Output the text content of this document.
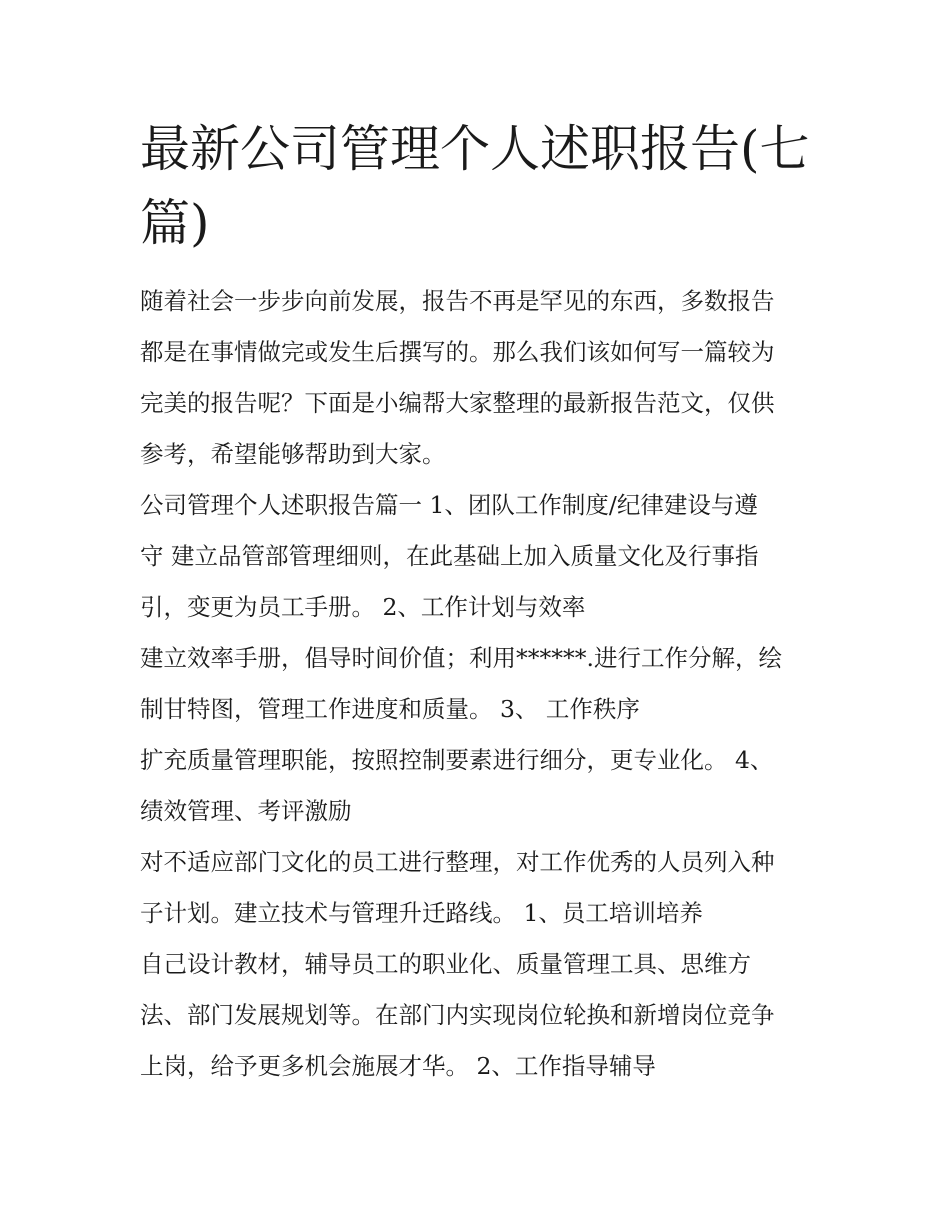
最新公司管理个人述职报告(七
篇)
随着社会一步步向前发展，报告不再是罕见的东西，多数报告
都是在事情做完或发生后撰写的。那么我们该如何写一篇较为
完美的报告呢？下面是小编帮大家整理的最新报告范文，仅供
参考，希望能够帮助到大家。
公司管理个人述职报告篇一 1、团队工作制度/纪律建设与遵
守 建立品管部管理细则，在此基础上加入质量文化及行事指
引，变更为员工手册。 2、工作计划与效率
建立效率手册，倡导时间价值；利用******.进行工作分解，绘
制甘特图，管理工作进度和质量。 3、 工作秩序
扩充质量管理职能，按照控制要素进行细分，更专业化。 4、
绩效管理、考评激励
对不适应部门文化的员工进行整理，对工作优秀的人员列入种
子计划。建立技术与管理升迁路线。 1、员工培训培养
自己设计教材，辅导员工的职业化、质量管理工具、思维方
法、部门发展规划等。在部门内实现岗位轮换和新增岗位竞争
上岗，给予更多机会施展才华。 2、工作指导辅导
